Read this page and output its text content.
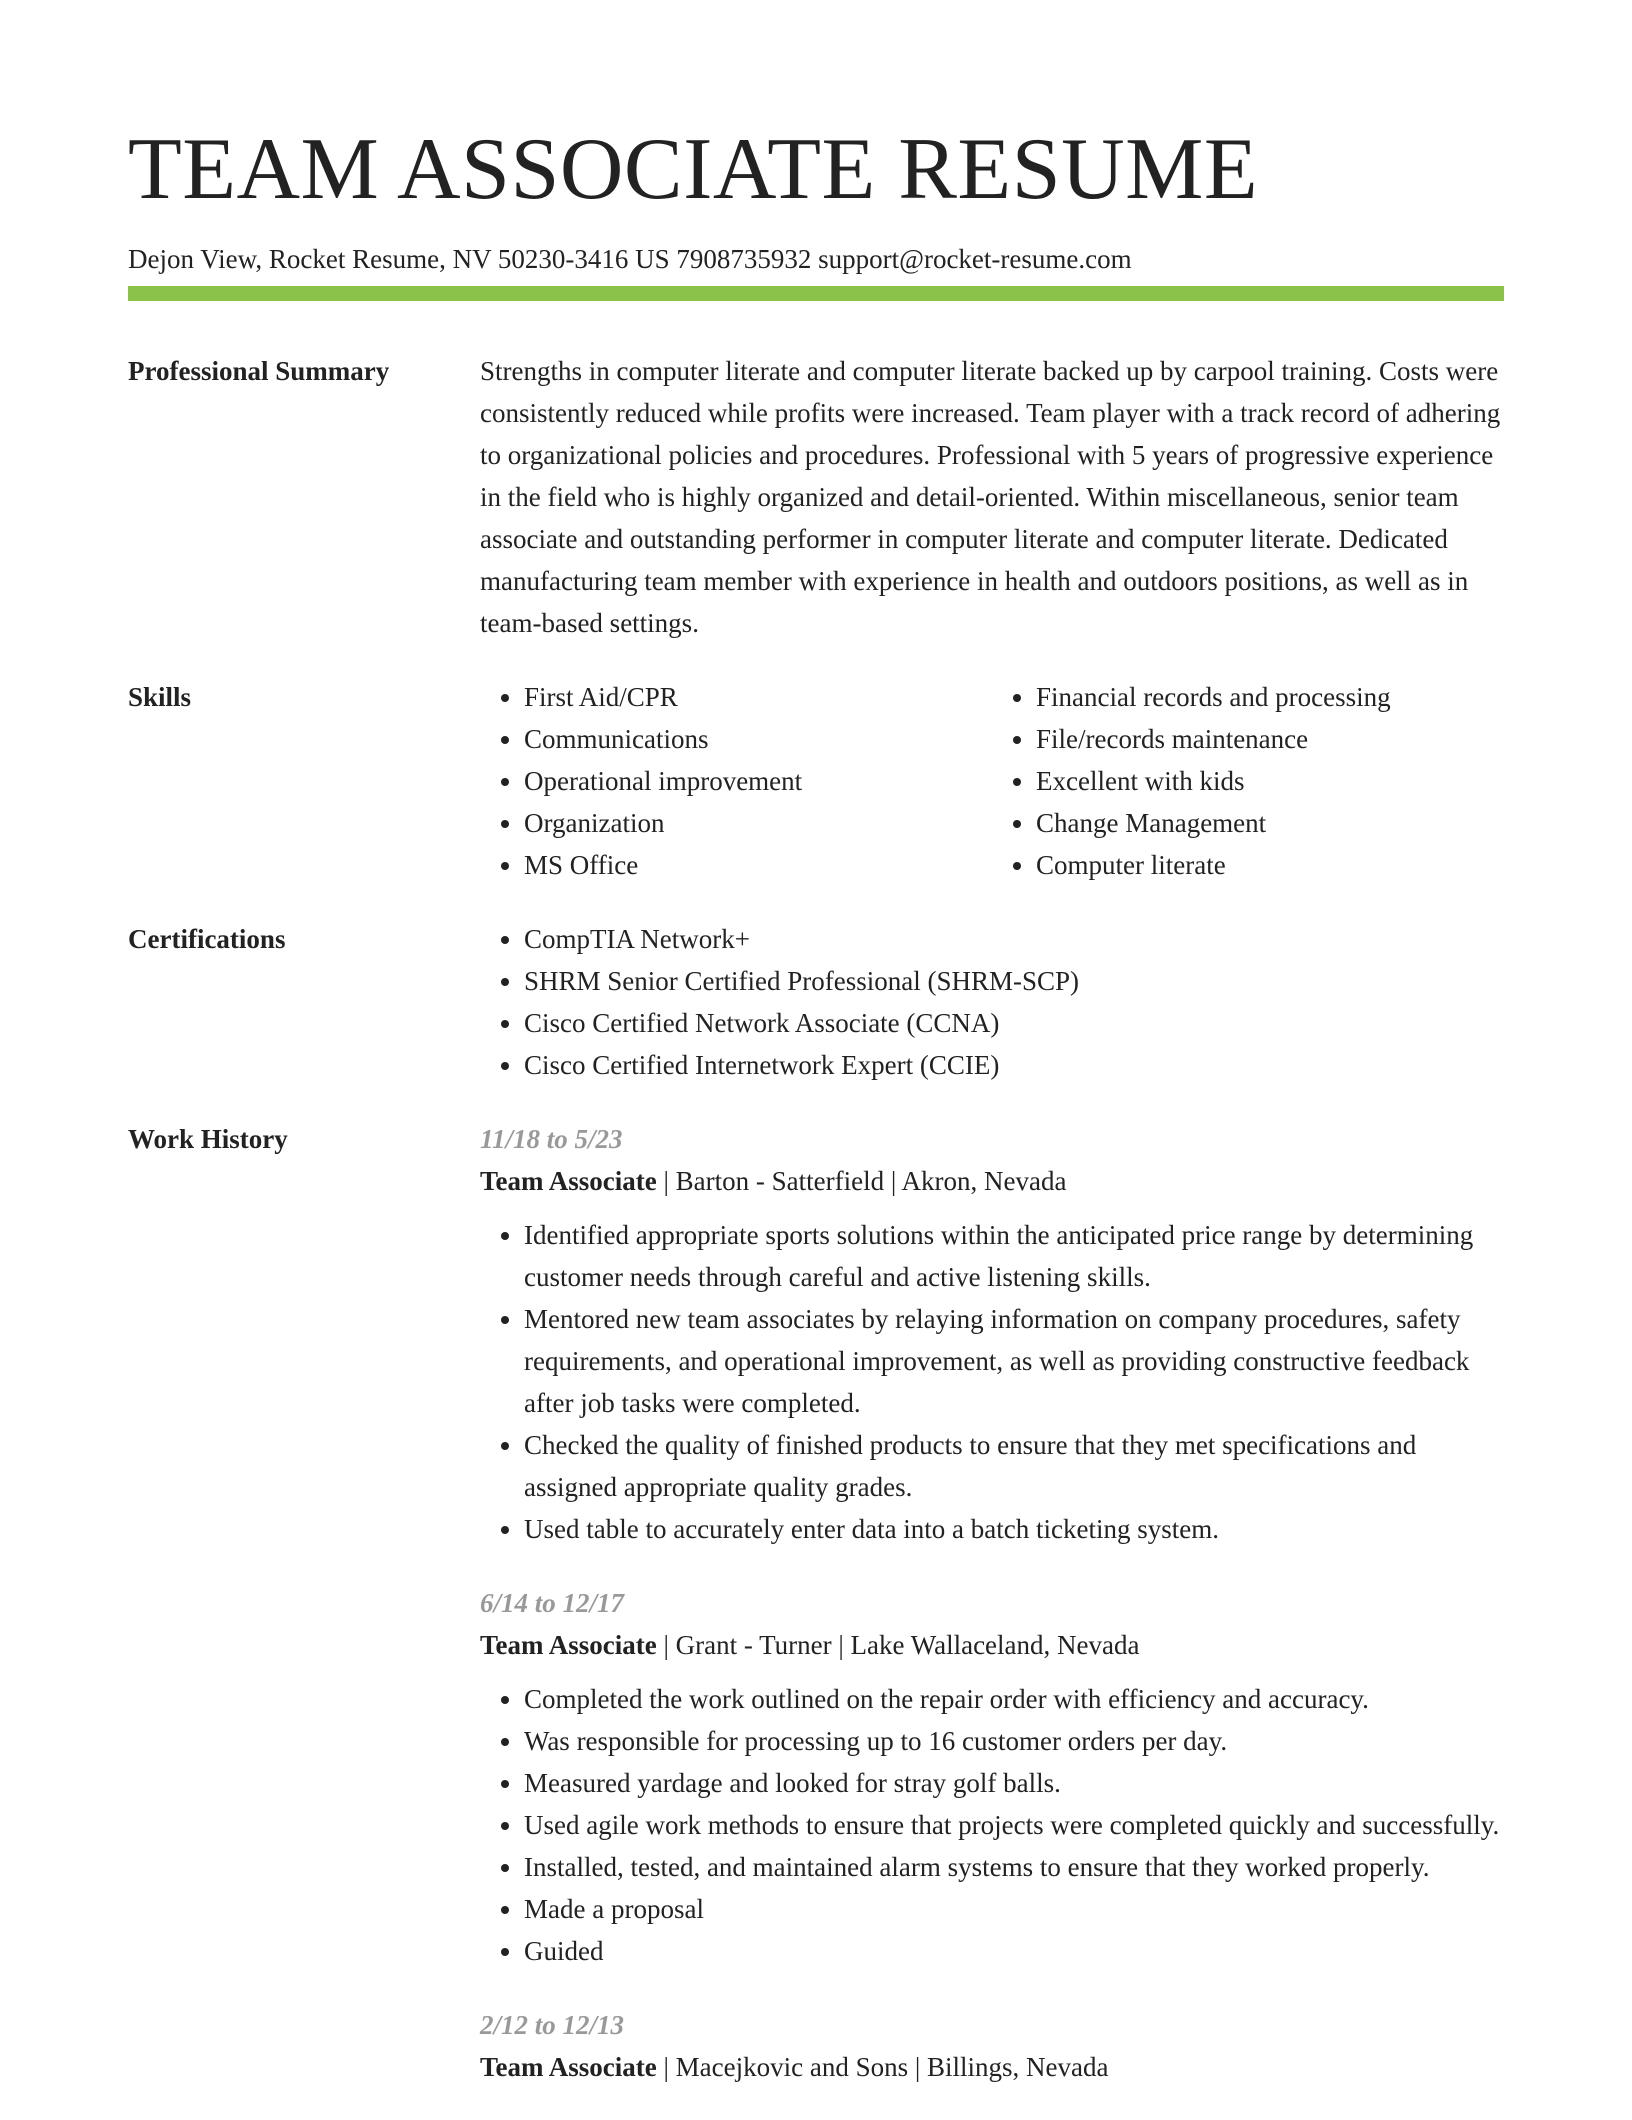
TEAM ASSOCIATE RESUME
Dejon View, Rocket Resume, NV 50230-3416 US 7908735932 support@rocket-resume.com
Professional Summary	Strengths in computer literate and computer literate backed up by carpool training. Costs were consistently reduced while profits were increased. Team player with a track record of adhering to organizational policies and procedures. Professional with 5 years of progressive experience in the field who is highly organized and detail-oriented. Within miscellaneous, senior team associate and outstanding performer in computer literate and computer literate. Dedicated manufacturing team member with experience in health and outdoors positions, as well as in team-based settings.

Skills	• First Aid/CPR
• Communications
• Operational improvement
• Organization
• MS Office
• Financial records and processing
• File/records maintenance
• Excellent with kids
• Change Management
• Computer literate
Certifications	• CompTIA Network+
• SHRM Senior Certified Professional (SHRM-SCP)
• Cisco Certified Network Associate (CCNA)
• Cisco Certified Internetwork Expert (CCIE)
Work History	11/18 to 5/23

Team Associate | Barton - Satterfield | Akron, Nevada

• Identified appropriate sports solutions within the anticipated price range by determining customer needs through careful and active listening skills.
• Mentored new team associates by relaying information on company procedures, safety requirements, and operational improvement, as well as providing constructive feedback after job tasks were completed.
• Checked the quality of finished products to ensure that they met specifications and assigned appropriate quality grades.
• Used table to accurately enter data into a batch ticketing system.

6/14 to 12/17

Team Associate | Grant - Turner | Lake Wallaceland, Nevada

• Completed the work outlined on the repair order with efficiency and accuracy.
• Was responsible for processing up to 16 customer orders per day.
• Measured yardage and looked for stray golf balls.
• Used agile work methods to ensure that projects were completed quickly and successfully.
• Installed, tested, and maintained alarm systems to ensure that they worked properly.
• Made a proposal
• Guided

2/12 to 12/13

Team Associate | Macejkovic and Sons | Billings, Nevada
